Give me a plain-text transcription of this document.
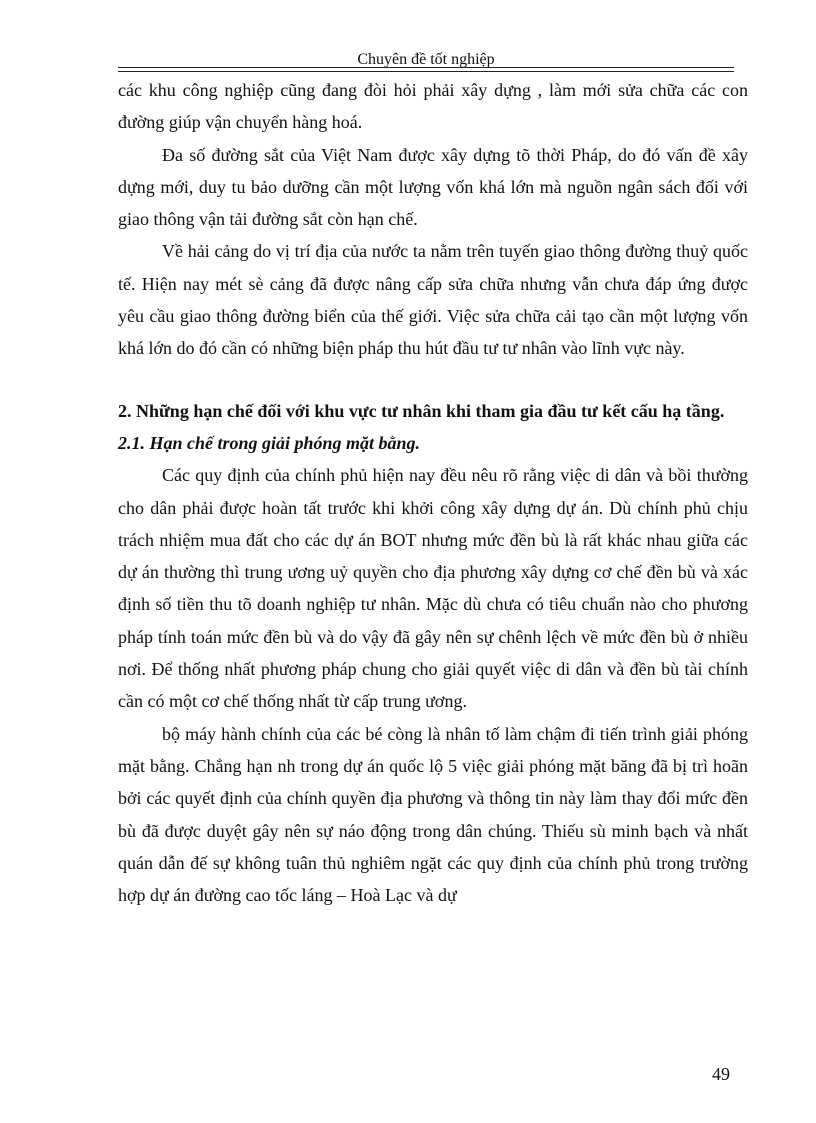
Chuyên đề tốt nghiệp

các khu công nghiệp cũng đang đòi hỏi phải xây dựng , làm mới sửa chữa các con đường giúp vận chuyển hàng hoá.

Đa số đường sắt của Việt Nam được xây dựng tõ thời Pháp, do đó vấn đề xây dựng mới, duy tu bảo dưỡng cần một lượng vốn khá lớn mà nguồn ngân sách đối với giao thông vận tải đường sắt còn hạn chế.

Về hải cảng do vị trí địa của nước ta nằm trên tuyến giao thông đường thuỷ quốc tế. Hiện nay mét sè cảng đã được nâng cấp sửa chữa nhưng vẫn chưa đáp ứng được yêu cầu giao thông đường biển của thế giới. Việc sửa chữa cải tạo cần một lượng vốn khá lớn do đó cần có những biện pháp thu hút đầu tư tư nhân vào lĩnh vực này.

2. Những hạn chế đối với khu vực tư nhân khi tham gia đầu tư kết cấu hạ tầng.
2.1. Hạn chế trong giải phóng mặt bằng.

Các quy định của chính phủ hiện nay đều nêu rõ rằng việc di dân và bồi thường cho dân phải được hoàn tất trước khi khởi công xây dựng dự án. Dù chính phủ chịu trách nhiệm mua đất cho các dự án BOT nhưng mức đền bù là rất khác nhau giữa các dự án thường thì trung ương uỷ quyền cho địa phương xây dựng cơ chế đền bù và xác định số tiền thu tõ doanh nghiệp tư nhân. Mặc dù chưa có tiêu chuẩn nào cho phương pháp tính toán mức đền bù và do vậy đã gây nên sự chênh lệch về mức đền bù ở nhiều nơi. Để thống nhất phương pháp chung cho giải quyết việc di dân và đền bù tài chính cần có một cơ chế thống nhất từ cấp trung ương.

bộ máy hành chính của các bé còng là nhân tố làm chậm đi tiến trình giải phóng mặt bằng. Chẳng hạn nh trong dự án quốc lộ 5 việc giải phóng mặt băng đã bị trì hoãn bởi các quyết định của chính quyền địa phương và thông tin này làm thay đổi mức đền bù đã được duyệt gây nên sự náo động trong dân chúng. Thiếu sù minh bạch và nhất quán dẫn đế sự không tuân thủ nghiêm ngặt các quy định của chính phủ trong trường hợp dự án đường cao tốc láng – Hoà Lạc và dự

49
